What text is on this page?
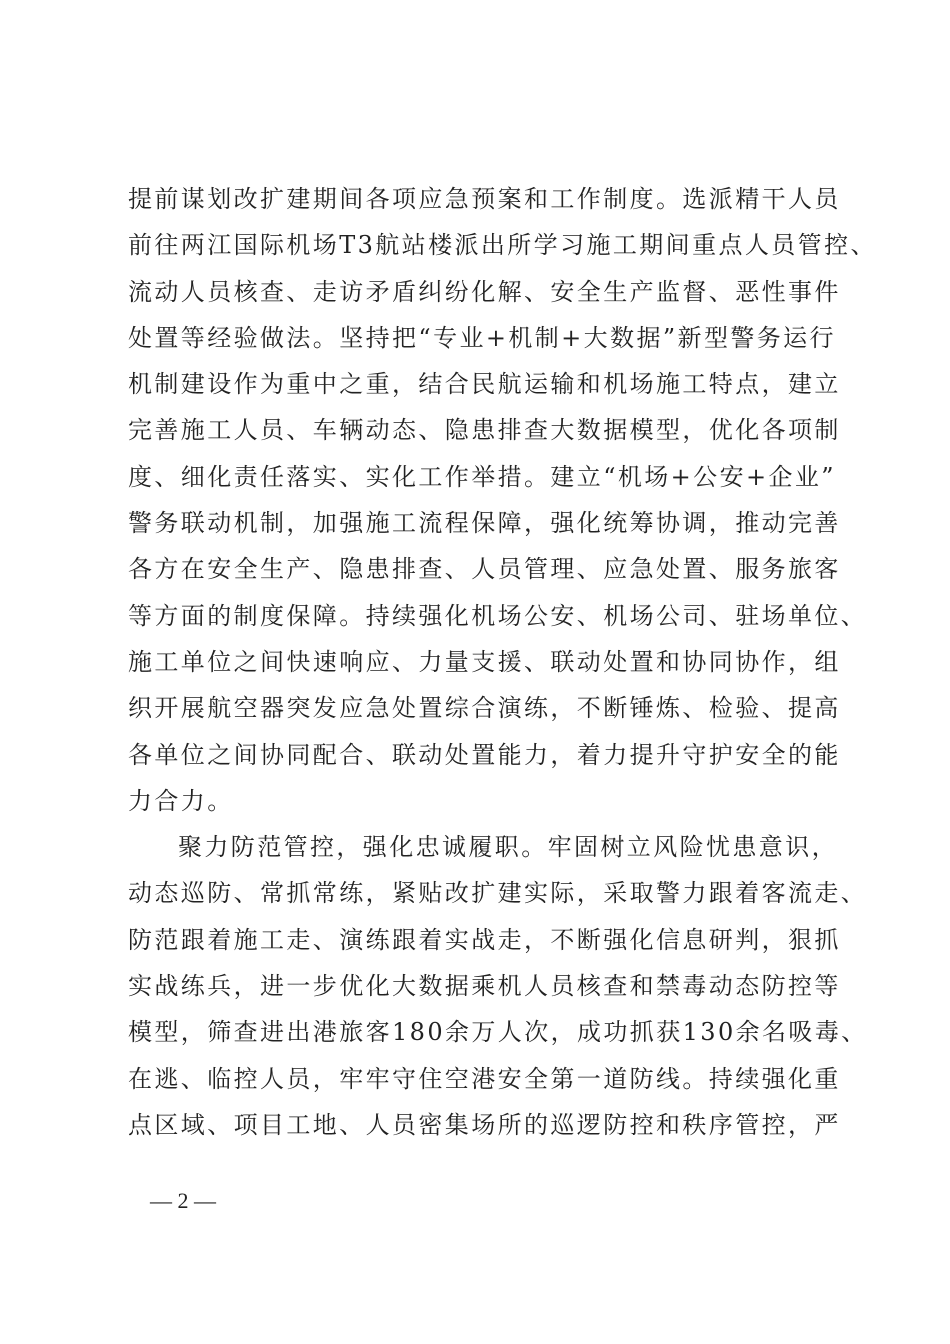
提前谋划改扩建期间各项应急预案和工作制度。选派精干人员
前往两江国际机场T3航站楼派出所学习施工期间重点人员管控、
流动人员核查、走访矛盾纠纷化解、安全生产监督、恶性事件
处置等经验做法。坚持把“专业+机制+大数据”新型警务运行
机制建设作为重中之重，结合民航运输和机场施工特点，建立
完善施工人员、车辆动态、隐患排查大数据模型，优化各项制
度、细化责任落实、实化工作举措。建立“机场+公安+企业”
警务联动机制，加强施工流程保障，强化统筹协调，推动完善
各方在安全生产、隐患排查、人员管理、应急处置、服务旅客
等方面的制度保障。持续强化机场公安、机场公司、驻场单位、
施工单位之间快速响应、力量支援、联动处置和协同协作，组
织开展航空器突发应急处置综合演练，不断锤炼、检验、提高
各单位之间协同配合、联动处置能力，着力提升守护安全的能
力合力。
聚力防范管控，强化忠诚履职。牢固树立风险忧患意识，
动态巡防、常抓常练，紧贴改扩建实际，采取警力跟着客流走、
防范跟着施工走、演练跟着实战走，不断强化信息研判，狠抓
实战练兵，进一步优化大数据乘机人员核查和禁毒动态防控等
模型，筛查进出港旅客180余万人次，成功抓获130余名吸毒、
在逃、临控人员，牢牢守住空港安全第一道防线。持续强化重
点区域、项目工地、人员密集场所的巡逻防控和秩序管控，严
— 2 —
